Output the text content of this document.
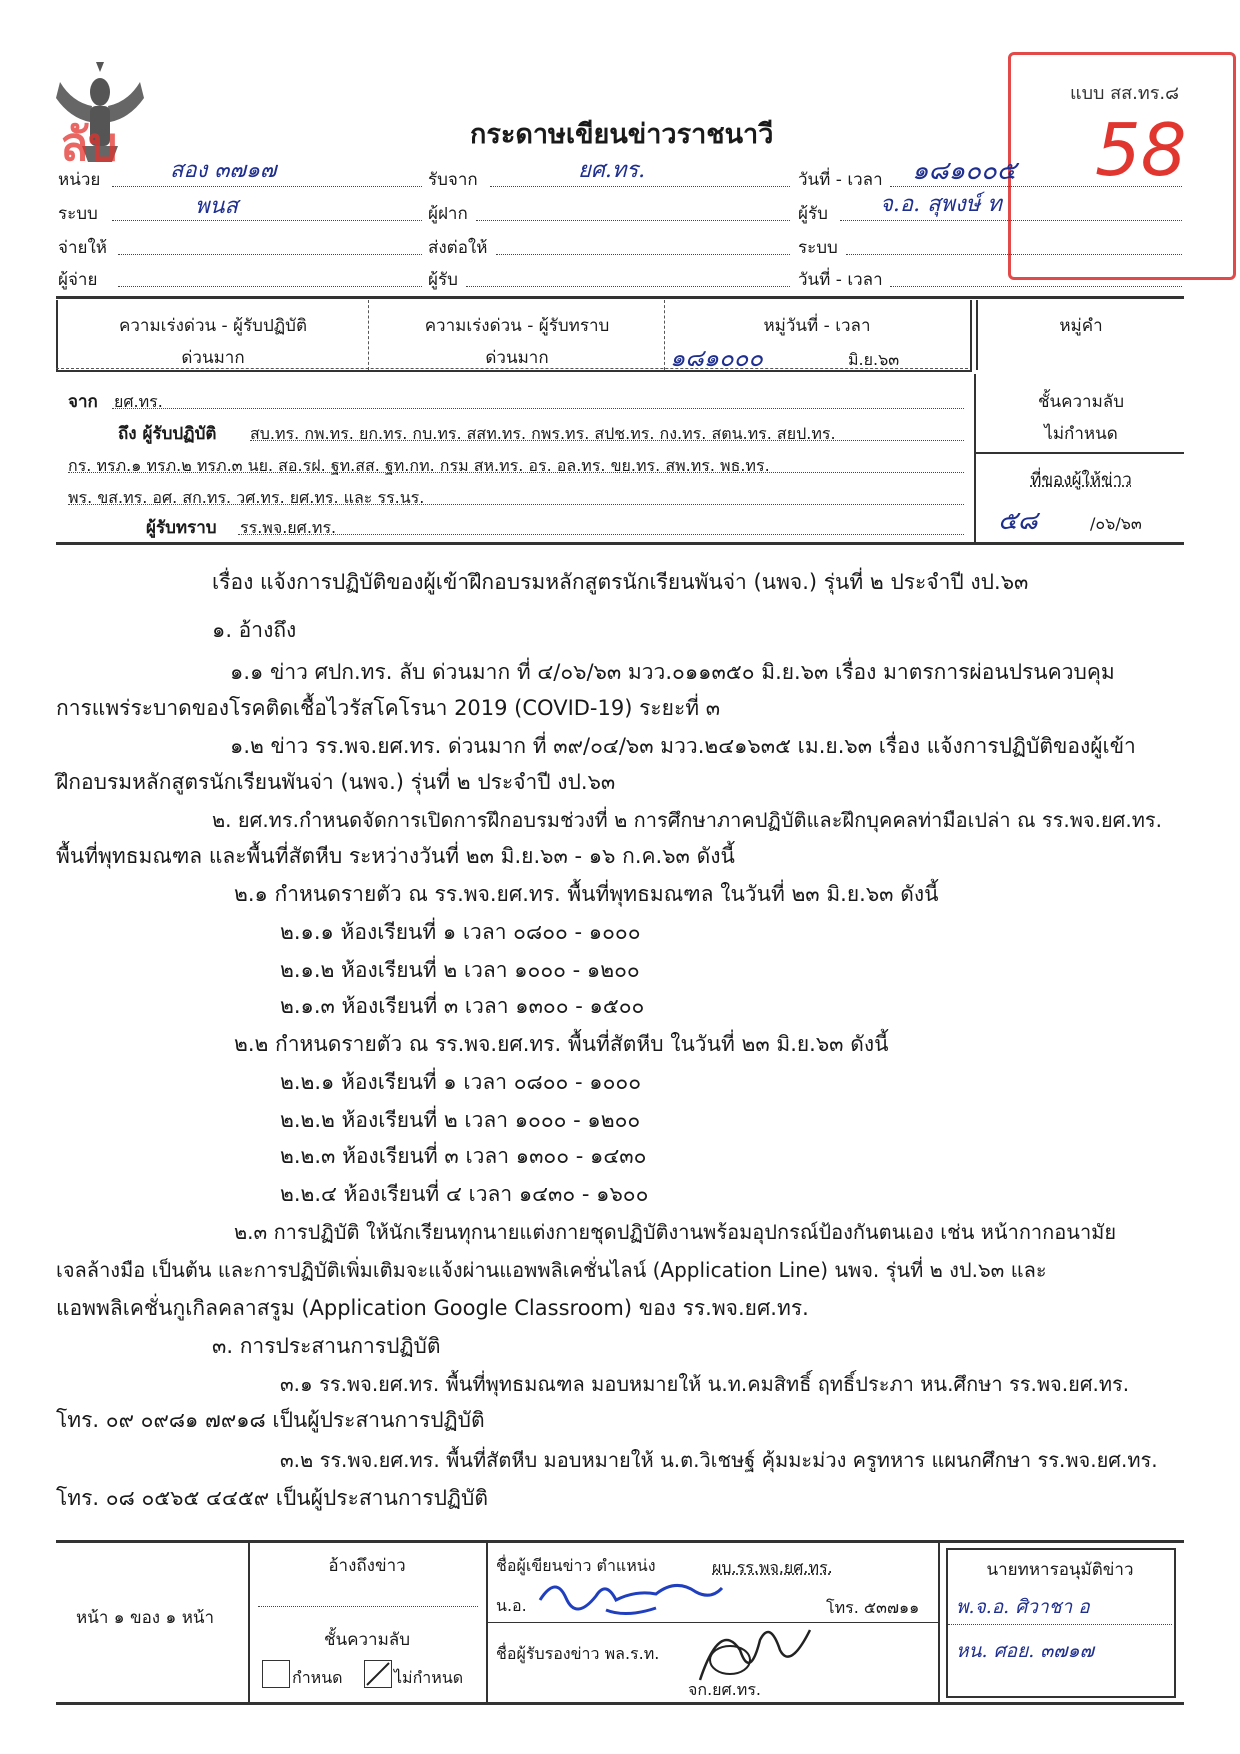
ลับ
แบบ สส.ทร.๘
58
กระดาษเขียนข่าวราชนาวี
หน่วย	สอง ๓๗๑๗	รับจาก	ยศ.ทร.	วันที่ - เวลา ๑๘๑๐๐๕
ระบบ	พนส	ผู้ฝาก	ผู้รับ จ.อ. สุพงษ์ ท
จ่ายให้	ส่งต่อให้	ระบบ
ผู้จ่าย	ผู้รับ	วันที่ - เวลา
ความเร่งด่วน - ผู้รับปฏิบัติ
ด่วนมาก
ความเร่งด่วน - ผู้รับทราบ
ด่วนมาก
หมู่วันที่ - เวลา
๑๘๑๐๐๐	มิ.ย.๖๓
หมู่คำ
จาก ยศ.ทร.
ถึง ผู้รับปฏิบัติ สบ.ทร. กพ.ทร. ยก.ทร. กบ.ทร. สสท.ทร. กพร.ทร. สปช.ทร. กง.ทร. สตน.ทร. สยป.ทร.
กร. ทรภ.๑ ทรภ.๒ ทรภ.๓ นย. สอ.รฝ. ฐท.สส. ฐท.กท. กรม สห.ทร. อร. อล.ทร. ขย.ทร. สพ.ทร. พธ.ทร.
พร. ขส.ทร. อศ. สก.ทร. วศ.ทร. ยศ.ทร. และ รร.นร.
ผู้รับทราบ รร.พจ.ยศ.ทร.
ชั้นความลับ
ไม่กำหนด
ที่ของผู้ให้ข่าว
๕๘	/๐๖/๖๓
เรื่อง แจ้งการปฏิบัติของผู้เข้าฝึกอบรมหลักสูตรนักเรียนพันจ่า (นพจ.) รุ่นที่ ๒ ประจำปี งป.๖๓
๑. อ้างถึง
๑.๑ ข่าว ศปก.ทร. ลับ ด่วนมาก ที่ ๔/๐๖/๖๓ มวว.๐๑๑๓๕๐ มิ.ย.๖๓ เรื่อง มาตรการผ่อนปรนควบคุม
การแพร่ระบาดของโรคติดเชื้อไวรัสโคโรนา 2019 (COVID-19) ระยะที่ ๓
๑.๒ ข่าว รร.พจ.ยศ.ทร. ด่วนมาก ที่ ๓๙/๐๔/๖๓ มวว.๒๔๑๖๓๕ เม.ย.๖๓ เรื่อง แจ้งการปฏิบัติของผู้เข้า
ฝึกอบรมหลักสูตรนักเรียนพันจ่า (นพจ.) รุ่นที่ ๒ ประจำปี งป.๖๓
๒. ยศ.ทร.กำหนดจัดการเปิดการฝึกอบรมช่วงที่ ๒ การศึกษาภาคปฏิบัติและฝึกบุคคลท่ามือเปล่า ณ รร.พจ.ยศ.ทร.
พื้นที่พุทธมณฑล และพื้นที่สัตหีบ ระหว่างวันที่ ๒๓ มิ.ย.๖๓ - ๑๖ ก.ค.๖๓ ดังนี้
๒.๑ กำหนดรายตัว ณ รร.พจ.ยศ.ทร. พื้นที่พุทธมณฑล ในวันที่ ๒๓ มิ.ย.๖๓ ดังนี้
๒.๑.๑ ห้องเรียนที่ ๑ เวลา ๐๘๐๐ - ๑๐๐๐
๒.๑.๒ ห้องเรียนที่ ๒ เวลา ๑๐๐๐ - ๑๒๐๐
๒.๑.๓ ห้องเรียนที่ ๓ เวลา ๑๓๐๐ - ๑๕๐๐
๒.๒ กำหนดรายตัว ณ รร.พจ.ยศ.ทร. พื้นที่สัตหีบ ในวันที่ ๒๓ มิ.ย.๖๓ ดังนี้
๒.๒.๑ ห้องเรียนที่ ๑ เวลา ๐๘๐๐ - ๑๐๐๐
๒.๒.๒ ห้องเรียนที่ ๒ เวลา ๑๐๐๐ - ๑๒๐๐
๒.๒.๓ ห้องเรียนที่ ๓ เวลา ๑๓๐๐ - ๑๔๓๐
๒.๒.๔ ห้องเรียนที่ ๔ เวลา ๑๔๓๐ - ๑๖๐๐
๒.๓ การปฏิบัติ ให้นักเรียนทุกนายแต่งกายชุดปฏิบัติงานพร้อมอุปกรณ์ป้องกันตนเอง เช่น หน้ากากอนามัย
เจลล้างมือ เป็นต้น และการปฏิบัติเพิ่มเติมจะแจ้งผ่านแอพพลิเคชั่นไลน์ (Application Line) นพจ. รุ่นที่ ๒ งป.๖๓ และ
แอพพลิเคชั่นกูเกิลคลาสรูม (Application Google Classroom) ของ รร.พจ.ยศ.ทร.
๓. การประสานการปฏิบัติ
๓.๑ รร.พจ.ยศ.ทร. พื้นที่พุทธมณฑล มอบหมายให้ น.ท.คมสิทธิ์ ฤทธิ์ประภา หน.ศึกษา รร.พจ.ยศ.ทร.
โทร. ๐๙ ๐๙๘๑ ๗๙๑๘ เป็นผู้ประสานการปฏิบัติ
๓.๒ รร.พจ.ยศ.ทร. พื้นที่สัตหีบ มอบหมายให้ น.ต.วิเชษฐ์ คุ้มมะม่วง ครูทหาร แผนกศึกษา รร.พจ.ยศ.ทร.
โทร. ๐๘ ๐๕๖๕ ๔๔๕๙ เป็นผู้ประสานการปฏิบัติ
หน้า ๑ ของ ๑ หน้า
อ้างถึงข่าว
ชั้นความลับ
กำหนด	ไม่กำหนด
ชื่อผู้เขียนข่าว ตำแหน่ง	ผบ.รร.พจ.ยศ.ทร.
น.อ.	โทร. ๕๓๗๑๑
ชื่อผู้รับรองข่าว พล.ร.ท.
จก.ยศ.ทร.
นายทหารอนุมัติข่าว
พ.จ.อ. ศิวาชา อ
หน. ศอย. ๓๗๑๗
